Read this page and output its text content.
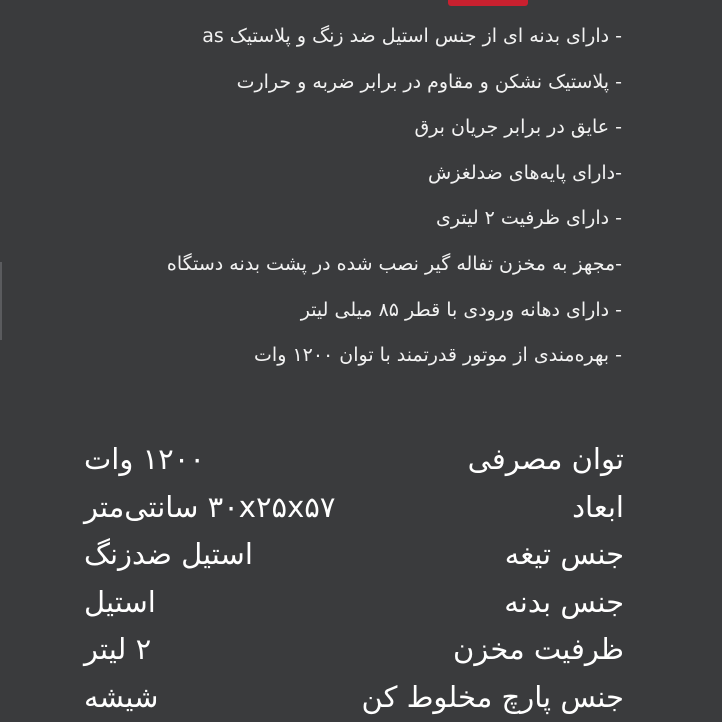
- دارای بدنه ای از جنس استیل ضد زنگ و پلاستیک as
- پلاستیک نشکن و مقاوم در برابر ضربه و حرارت
- عایق در برابر جریان برق
-دارای پایه‌های ضدلغزش
- دارای ظرفیت ۲ لیتری
-مجهز به مخزن تفاله گیر نصب شده در پشت بدنه دستگاه
- دارای دهانه ورودی با قطر ۸۵ میلی لیتر
- بهره‌مندی از موتور قدرتمند با توان ۱۲۰۰ وات
توان مصرفی
۱۲۰۰ وات
ابعاد
۳۰x۲۵x۵۷ سانتی‌متر
جنس تیغه
استیل ضدزنگ
جنس بدنه
استیل
ظرفیت مخزن
۲ لیتر
جنس پارچ مخلوط کن
شیشه
